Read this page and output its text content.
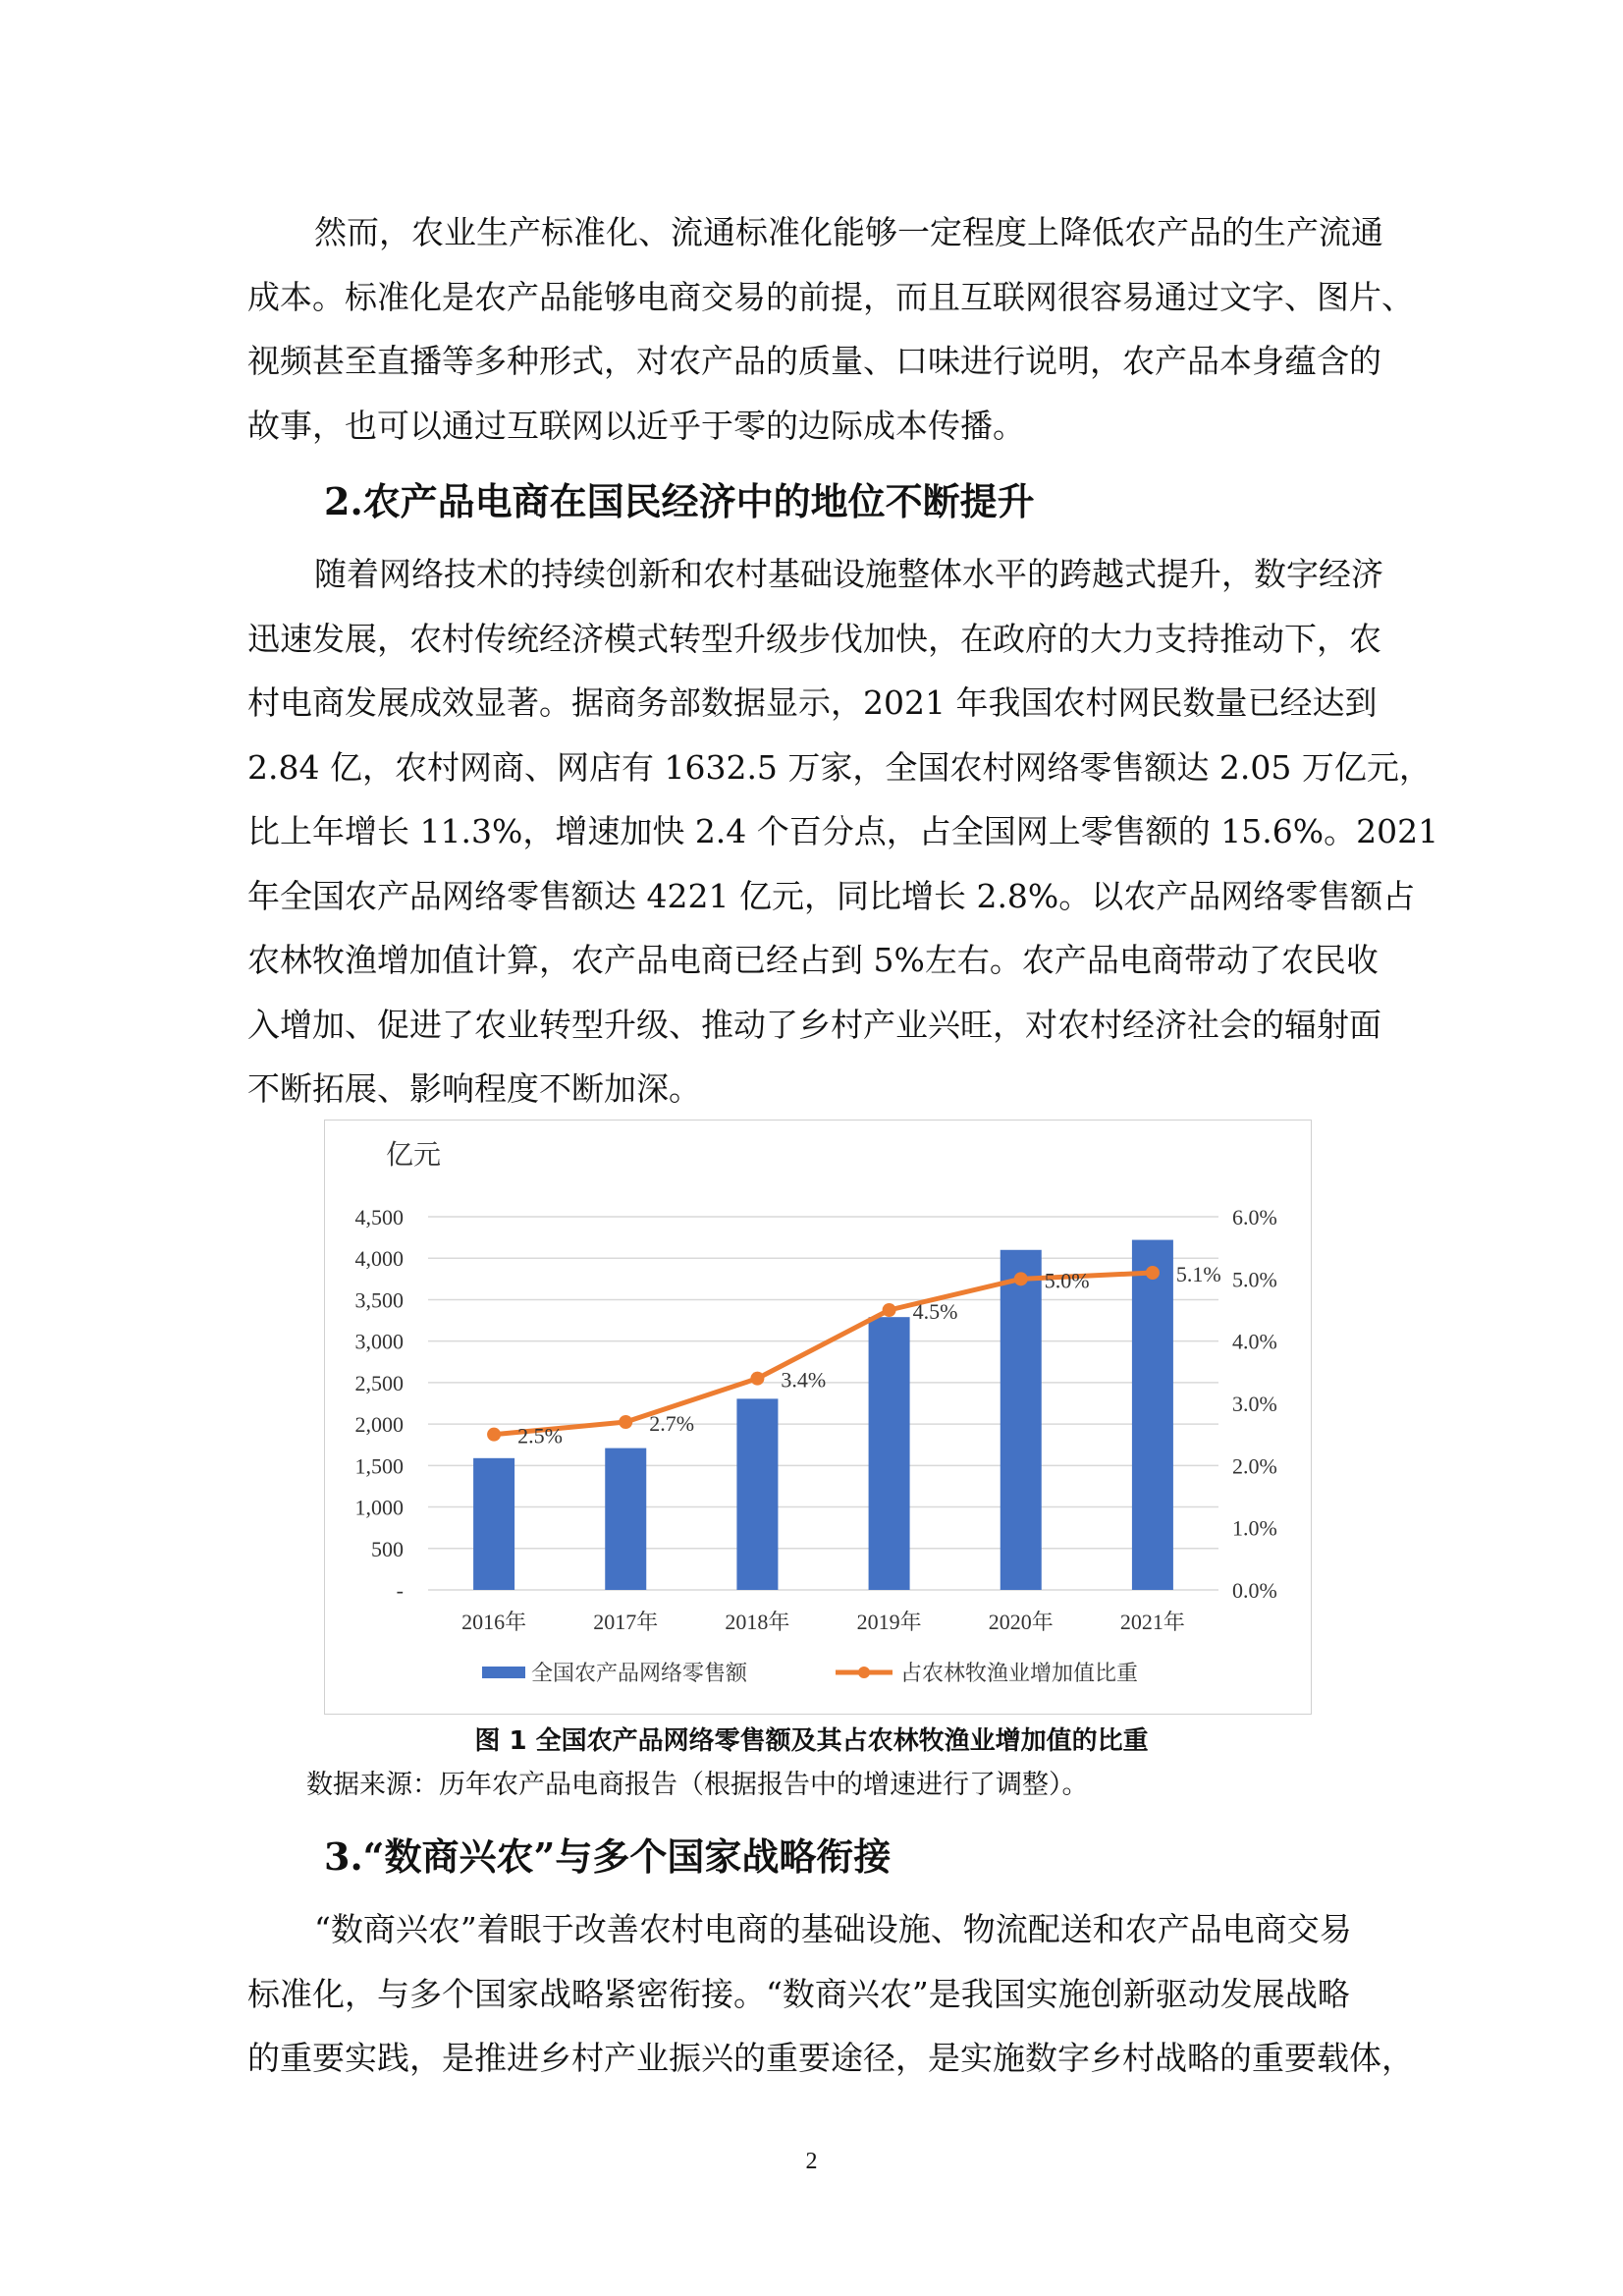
然而，农业生产标准化、流通标准化能够一定程度上降低农产品的生产流通
成本。标准化是农产品能够电商交易的前提，而且互联网很容易通过文字、图片、
视频甚至直播等多种形式，对农产品的质量、口味进行说明，农产品本身蕴含的
故事，也可以通过互联网以近乎于零的边际成本传播。
2.农产品电商在国民经济中的地位不断提升
随着网络技术的持续创新和农村基础设施整体水平的跨越式提升，数字经济
迅速发展，农村传统经济模式转型升级步伐加快，在政府的大力支持推动下，农
村电商发展成效显著。据商务部数据显示，2021 年我国农村网民数量已经达到
2.84 亿，农村网商、网店有 1632.5 万家，全国农村网络零售额达 2.05 万亿元，
比上年增长 11.3%，增速加快 2.4 个百分点，占全国网上零售额的 15.6%。2021
年全国农产品网络零售额达 4221 亿元，同比增长 2.8%。以农产品网络零售额占
农林牧渔增加值计算，农产品电商已经占到 5%左右。农产品电商带动了农民收
入增加、促进了农业转型升级、推动了乡村产业兴旺，对农村经济社会的辐射面
不断拓展、影响程度不断加深。
亿元
-
500
1,000
1,500
2,000
2,500
3,000
3,500
4,000
4,500
0.0%
1.0%
2.0%
3.0%
4.0%
5.0%
6.0%
2016年	2017年	2018年	2019年	2020年	2021年
2.5%
2.7%
3.4%
4.5%
5.0%	5.1%
全国农产品网络零售额	占农林牧渔业增加值比重

图 1 全国农产品网络零售额及其占农林牧渔业增加值的比重

数据来源：历年农产品电商报告（根据报告中的增速进行了调整）。

3.“数商兴农”与多个国家战略衔接
“数商兴农”着眼于改善农村电商的基础设施、物流配送和农产品电商交易
标准化，与多个国家战略紧密衔接。“数商兴农”是我国实施创新驱动发展战略
的重要实践，是推进乡村产业振兴的重要途径，是实施数字乡村战略的重要载体，
2
